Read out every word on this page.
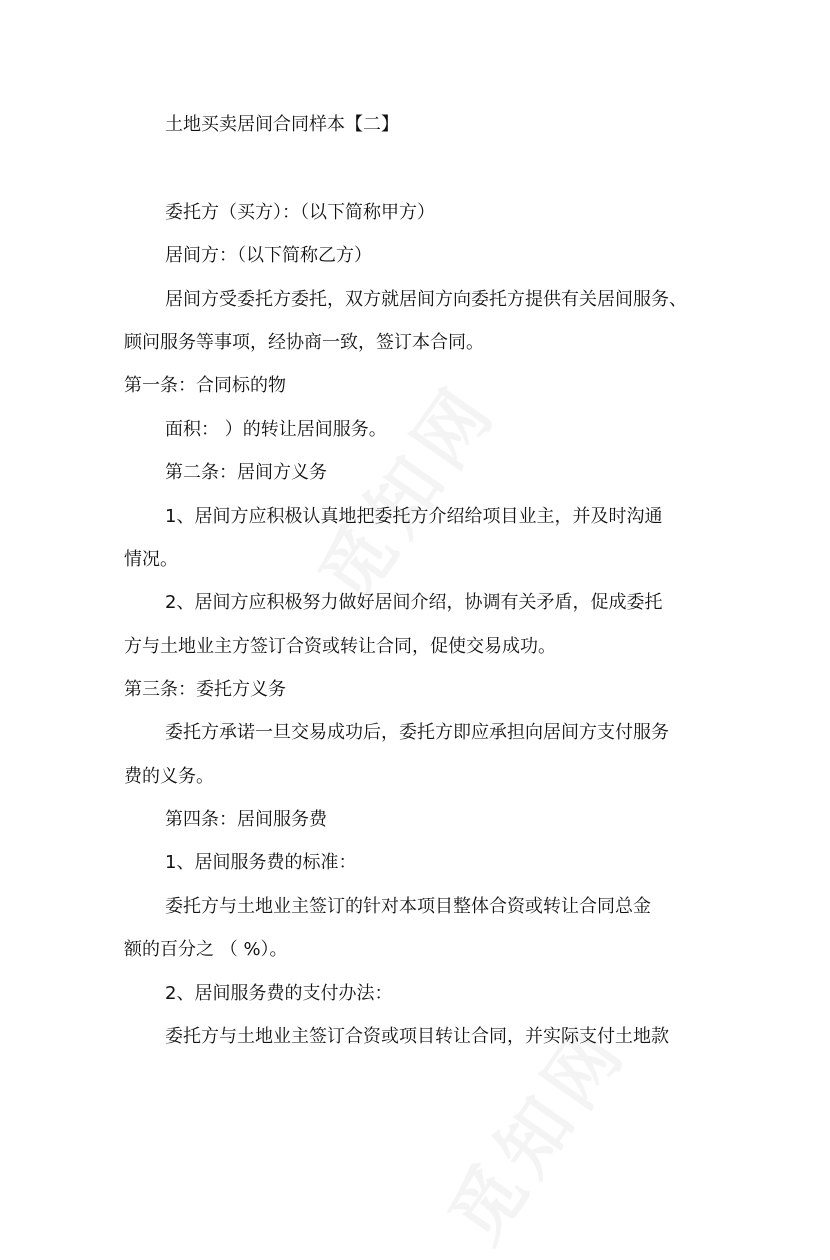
土地买卖居间合同样本【二】

委托方（买方）：（以下简称甲方）

居间方：（以下简称乙方）

居间方受委托方委托，双方就居间方向委托方提供有关居间服务、

顾问服务等事项，经协商一致，签订本合同。

第一条：合同标的物

面积： ）的转让居间服务。

第二条：居间方义务

1、居间方应积极认真地把委托方介绍给项目业主，并及时沟通

情况。

2、居间方应积极努力做好居间介绍，协调有关矛盾，促成委托

方与土地业主方签订合资或转让合同，促使交易成功。

第三条：委托方义务

委托方承诺一旦交易成功后，委托方即应承担向居间方支付服务

费的义务。

第四条：居间服务费

1、居间服务费的标准：

委托方与土地业主签订的针对本项目整体合资或转让合同总金

额的百分之 （ %）。

2、居间服务费的支付办法：

委托方与土地业主签订合资或项目转让合同，并实际支付土地款
